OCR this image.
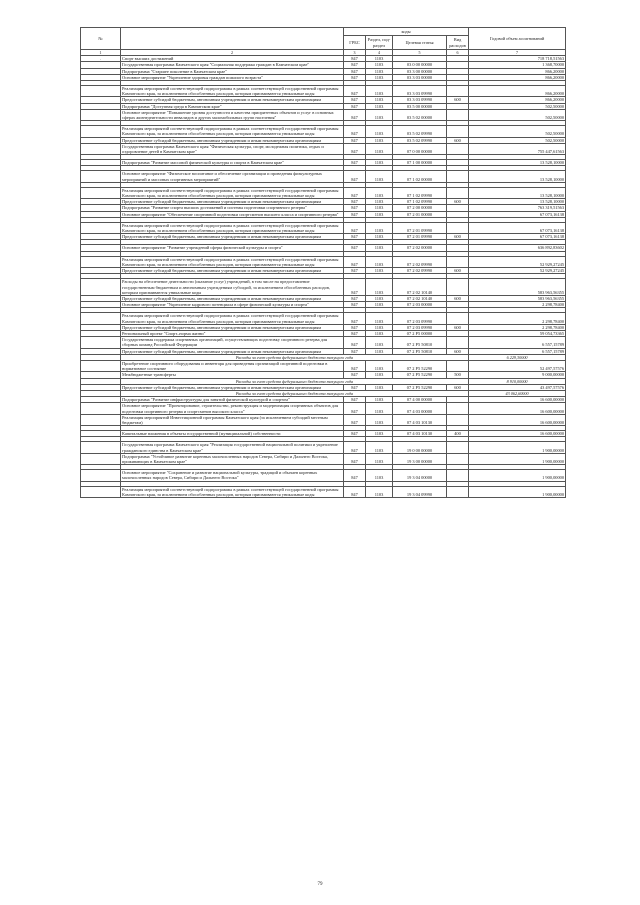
№		коды				Годовой объем ассигнований
		ГРБС	Раздел, под-раздел	Целевая статья	Вид расходов	
1	2	3	4	5	6	7
.	Спорт высших достижений	847	1103			718 718,51563
	Государственная программа Камчатского края "Социальная поддержка граждан в Камчатском крае"	847	1103	03 0 00 00000		1 368,70000
	Подпрограмма "Старшее поколение в Камчатском крае"	847	1103	03 3 00 00000		866,20000
	Основное мероприятие "Укрепление здоровья граждан пожилого возраста"	847	1103	03 3 03 00000		866,20000

	Реализация мероприятий соответствующей подпрограммы в рамках соответствующей государственной программы Камчатского края, за исключением обособленных расходов, которым присваиваются уникальные коды	847	1103	03 3 03 09990		866,20000
	Предоставление субсидий бюджетным, автономным учреждениям и иным некоммерческим организациям	847	1103	03 3 03 09990	600	866,20000
	Подпрограмма "Доступная среда в Камчатском крае"	847	1103	03 5 00 00000		502,50000
	Основное мероприятие "Повышение уровня доступности и качества приоритетных объектов и услуг в основных сферах жизнедеятельности инвалидов и других маломобильных групп населения"	847	1103	03 5 02 00000		502,50000

	Реализация мероприятий соответствующей подпрограммы в рамках соответствующей государственной программы Камчатского края, за исключением обособленных расходов, которым присваиваются уникальные коды	847	1103	03 5 02 09990		502,50000
	Предоставление субсидий бюджетным, автономным учреждениям и иным некоммерческим организациям	847	1103	03 5 02 09990	600	502,50000
	Государственная программа Камчатского края "Физическая культура, спорт, молодежная политика, отдых и оздоровление детей в Камчатском крае"	847	1103	07 0 00 00000		755 447,61563

	Подпрограмма "Развитие массовой физической культуры и спорта в Камчатском крае"	847	1103	07 1 00 00000		13 528,10000

	Основное мероприятие "Физическое воспитание и обеспечение организации и проведения физкультурных мероприятий и массовых спортивных мероприятий"	847	1103	07 1 02 00000		13 528,10000

	Реализация мероприятий соответствующей подпрограммы в рамках соответствующей государственной программы Камчатского края, за исключением обособленных расходов, которым присваиваются уникальные коды	847	1103	07 1 02 09990		13 528,10000
	Предоставление субсидий бюджетным, автономным учреждениям и иным некоммерческим организациям	847	1103	07 1 02 09990	600	13 528,10000
	Подпрограмма "Развитие спорта высших достижений и системы подготовки спортивного резерва"	847	1103	07 2 00 00000		763 319,51563
	Основное мероприятие "Обеспечение спортивной подготовки спортсменов высшего класса и спортивного резерва"	847	1103	07 2 01 00000		67 073,16138

	Реализация мероприятий соответствующей подпрограммы в рамках соответствующей государственной программы Камчатского края, за исключением обособленных расходов, которым присваиваются уникальные коды	847	1103	07 2 01 09990		67 073,16138
	Предоставление субсидий бюджетным, автономным учреждениям и иным некоммерческим организациям	847	1103	07 2 01 09990	600	67 073,16138

	Основное мероприятие "Развитие учреждений сферы физической культуры и спорта"	847	1103	07 2 02 00000		636 892,83602

	Реализация мероприятий соответствующей подпрограммы в рамках соответствующей государственной программы Камчатского края, за исключением обособленных расходов, которым присваиваются уникальные коды	847	1103	07 2 02 09990		52 929,27245
	Предоставление субсидий бюджетным, автономным учреждениям и иным некоммерческим организациям	847	1103	07 2 02 09990	600	52 929,27245

	Расходы на обеспечение деятельности (оказание услуг) учреждений, в том числе на предоставление государственным бюджетным и автономным учреждениям субсидий, за исключением обособленных расходов, которым присваиваются уникальные коды	847	1103	07 2 02 10140		583 963,56355
	Предоставление субсидий бюджетным, автономным учреждениям и иным некоммерческим организациям	847	1103	07 2 02 10140	600	583 963,56355
	Основное мероприятие "Укрепление кадрового потенциала в сфере физической культуры и спорта"	847	1103	07 2 03 00000		2 298,78400

	Реализация мероприятий соответствующей подпрограммы в рамках соответствующей государственной программы Камчатского края, за исключением обособленных расходов, которым присваиваются уникальные коды	847	1103	07 2 03 09990		2 298,78400
	Предоставление субсидий бюджетным, автономным учреждениям и иным некоммерческим организациям	847	1103	07 2 03 09990	600	2 298,78400
	Региональный проект "Спорт–норма жизни"	847	1103	07 2 P5 00000		59 054,73365
	Государственная поддержка спортивных организаций, осуществляющих подготовку спортивного резерва для сборных команд Российской Федерации	847	1103	07 2 P5 50810		6 557,15789
	Предоставление субсидий бюджетным, автономным учреждениям и иным некоммерческим организациям	847	1103	07 2 P5 50810	600	6 557,15789
	Расходы за счет средств федерального бюджета текущего года					6 229,30000
	Приобретение спортивного оборудования и инвентаря для приведения организаций спортивной подготовки в нормативное состояние	847	1103	07 2 P5 52290		52 497,57576
	Межбюджетные трансферты	847	1103	07 2 P5 52290	500	9 000,00000
	Расходы за счет средств федерального бюджета текущего года					8 910,00000
	Предоставление субсидий бюджетным, автономным учреждениям и иным некоммерческим организациям	847	1103	07 2 P5 52290	600	43 497,57576
	Расходы за счет средств федерального бюджета текущего года					43 062,60000
	Подпрограмма "Развитие инфраструктуры для занятий физической культурой и спортом"	847	1103	07 4 00 00000		16 600,00000
	Основное мероприятие "Проектирование, строительство, реконструкция и модернизация спортивных объектов для подготовки спортивного резерва и спортсменов высокого класса"	847	1103	07 4 03 00000		16 600,00000
	Реализация мероприятий Инвестиционной программы Камчатского края (за исключением субсидий местным бюджетам)	847	1103	07 4 03 10130		16 600,00000

	Капитальные вложения в объекты государственной (муниципальной) собственности	847	1103	07 4 03 10130	400	16 600,00000

	Государственная программа Камчатского края "Реализация государственной национальной политики и укрепление гражданского единства в Камчатском крае"	847	1103	19 0 00 00000		1 900,00000
	Подпрограмма "Устойчивое развитие коренных малочисленных народов Севера, Сибири и Дальнего Востока, проживающих в Камчатском крае"	847	1103	19 3 00 00000		1 900,00000

	Основное мероприятие "Сохранение и развитие национальной культуры, традиций и обычаев коренных малочисленных народов Севера, Сибири и Дальнего Востока"	847	1103	19 3 04 00000		1 900,00000

	Реализация мероприятий соответствующей подпрограммы в рамках соответствующей государственной программы Камчатского края, за исключением обособленных расходов, которым присваиваются уникальные коды	847	1103	19 3 04 09990		1 900,00000
79
